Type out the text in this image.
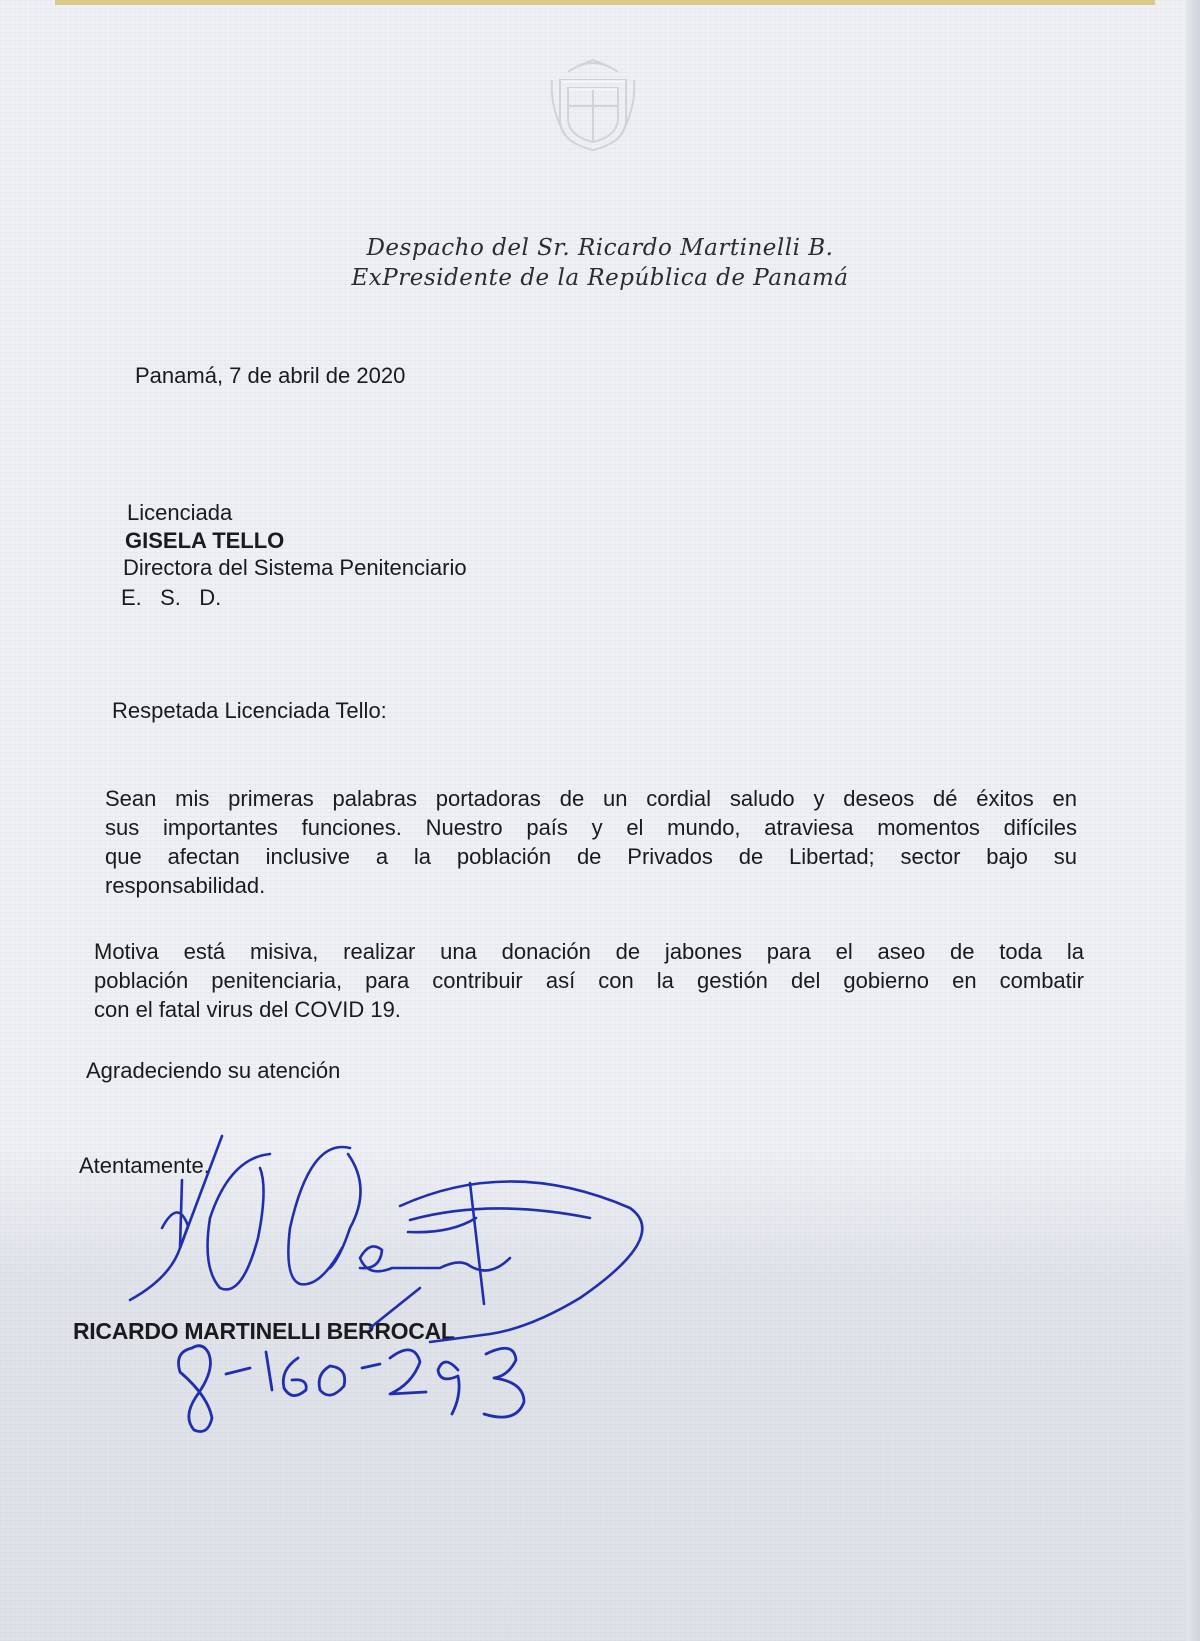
Despacho del Sr. Ricardo Martinelli B.
ExPresidente de la República de Panamá
Panamá, 7 de abril de 2020
Licenciada
GISELA TELLO
Directora del Sistema Penitenciario
E.   S.   D.
Respetada Licenciada Tello:
Sean mis primeras palabras portadoras de un cordial saludo y deseos dé éxitos en
sus importantes funciones. Nuestro país y el mundo, atraviesa momentos difíciles
que afectan inclusive a la población de Privados de Libertad; sector bajo su
responsabilidad.
Motiva está misiva, realizar una donación de jabones para el aseo de toda la
población penitenciaria, para contribuir así con la gestión del gobierno en combatir
con el fatal virus del COVID 19.
Agradeciendo su atención
Atentamente,
RICARDO MARTINELLI BERROCAL
